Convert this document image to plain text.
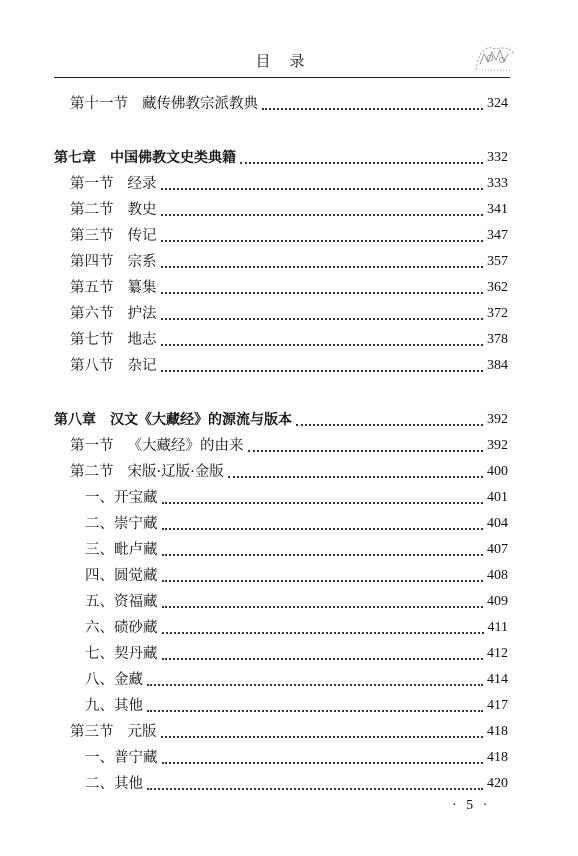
目　录
第十一节 藏传佛教宗派教典	324
第七章 中国佛教文史类典籍	332
第一节 经录	333
第二节 教史	341
第三节 传记	347
第四节 宗系	357
第五节 纂集	362
第六节 护法	372
第七节 地志	378
第八节 杂记	384
第八章 汉文《大藏经》的源流与版本	392
第一节 《大藏经》的由来	392
第二节 宋版·辽版·金版	400
一、开宝藏	401
二、崇宁藏	404
三、毗卢藏	407
四、圆觉藏	408
五、资福藏	409
六、碛砂藏	411
七、契丹藏	412
八、金藏	414
九、其他	417
第三节 元版	418
一、普宁藏	418
二、其他	420
· 5 ·
